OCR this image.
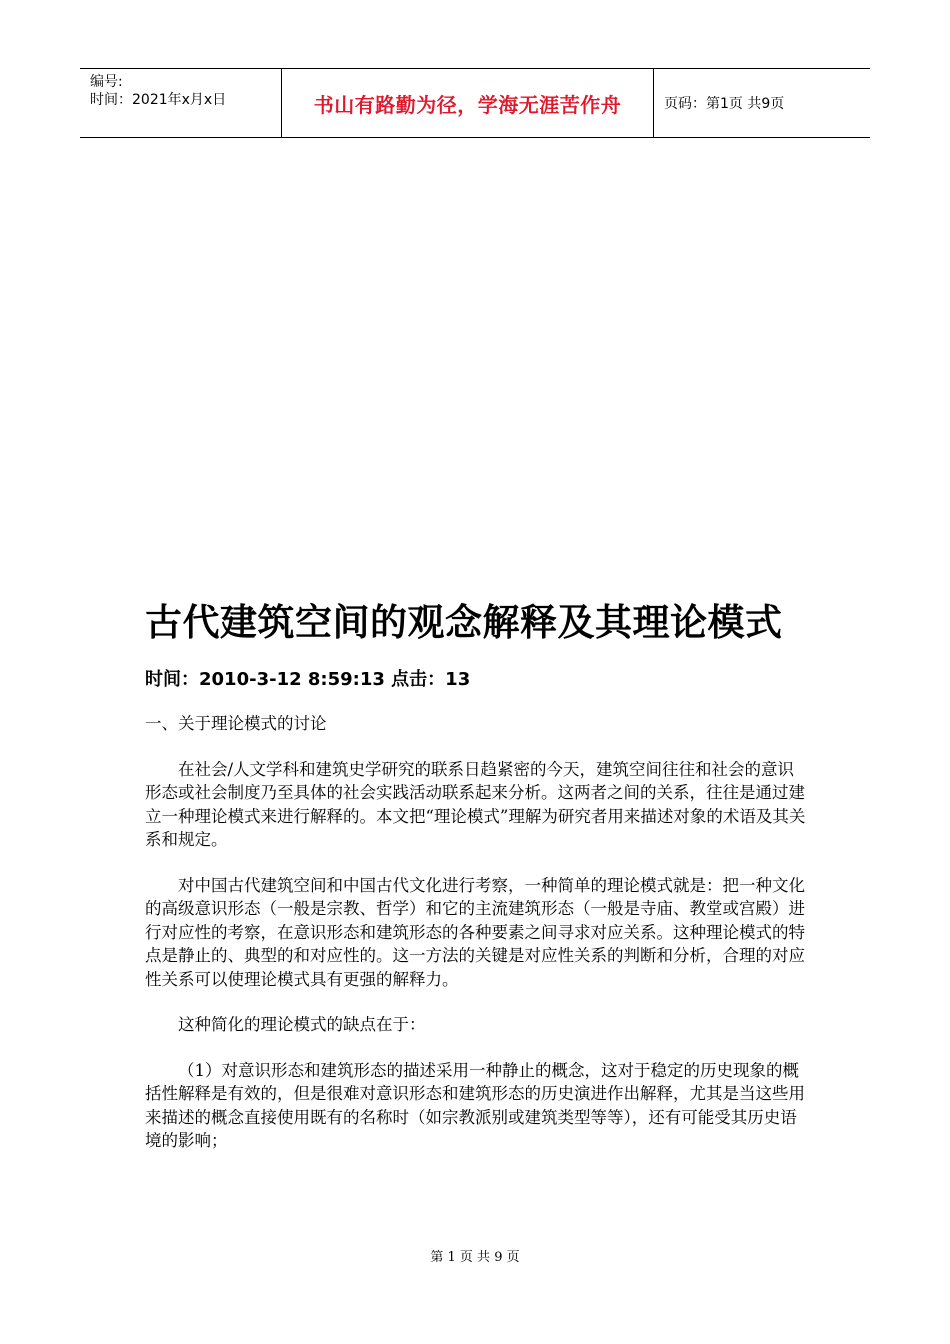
编号:
时间：2021年x月x日	书山有路勤为径，学海无涯苦作舟	页码：第1页 共9页
古代建筑空间的观念解释及其理论模式
时间：2010-3-12 8:59:13 点击：13

一、关于理论模式的讨论

在社会/人文学科和建筑史学研究的联系日趋紧密的今天，建筑空间往往和社会的意识形态或社会制度乃至具体的社会实践活动联系起来分析。这两者之间的关系，往往是通过建立一种理论模式来进行解释的。本文把“理论模式”理解为研究者用来描述对象的术语及其关系和规定。

对中国古代建筑空间和中国古代文化进行考察，一种简单的理论模式就是：把一种文化的高级意识形态（一般是宗教、哲学）和它的主流建筑形态（一般是寺庙、教堂或宫殿）进行对应性的考察，在意识形态和建筑形态的各种要素之间寻求对应关系。这种理论模式的特点是静止的、典型的和对应性的。这一方法的关键是对应性关系的判断和分析，合理的对应性关系可以使理论模式具有更强的解释力。

这种简化的理论模式的缺点在于：

（1）对意识形态和建筑形态的描述采用一种静止的概念，这对于稳定的历史现象的概括性解释是有效的，但是很难对意识形态和建筑形态的历史演进作出解释，尤其是当这些用来描述的概念直接使用既有的名称时（如宗教派别或建筑类型等等），还有可能受其历史语境的影响；

第 1 页 共 9 页
